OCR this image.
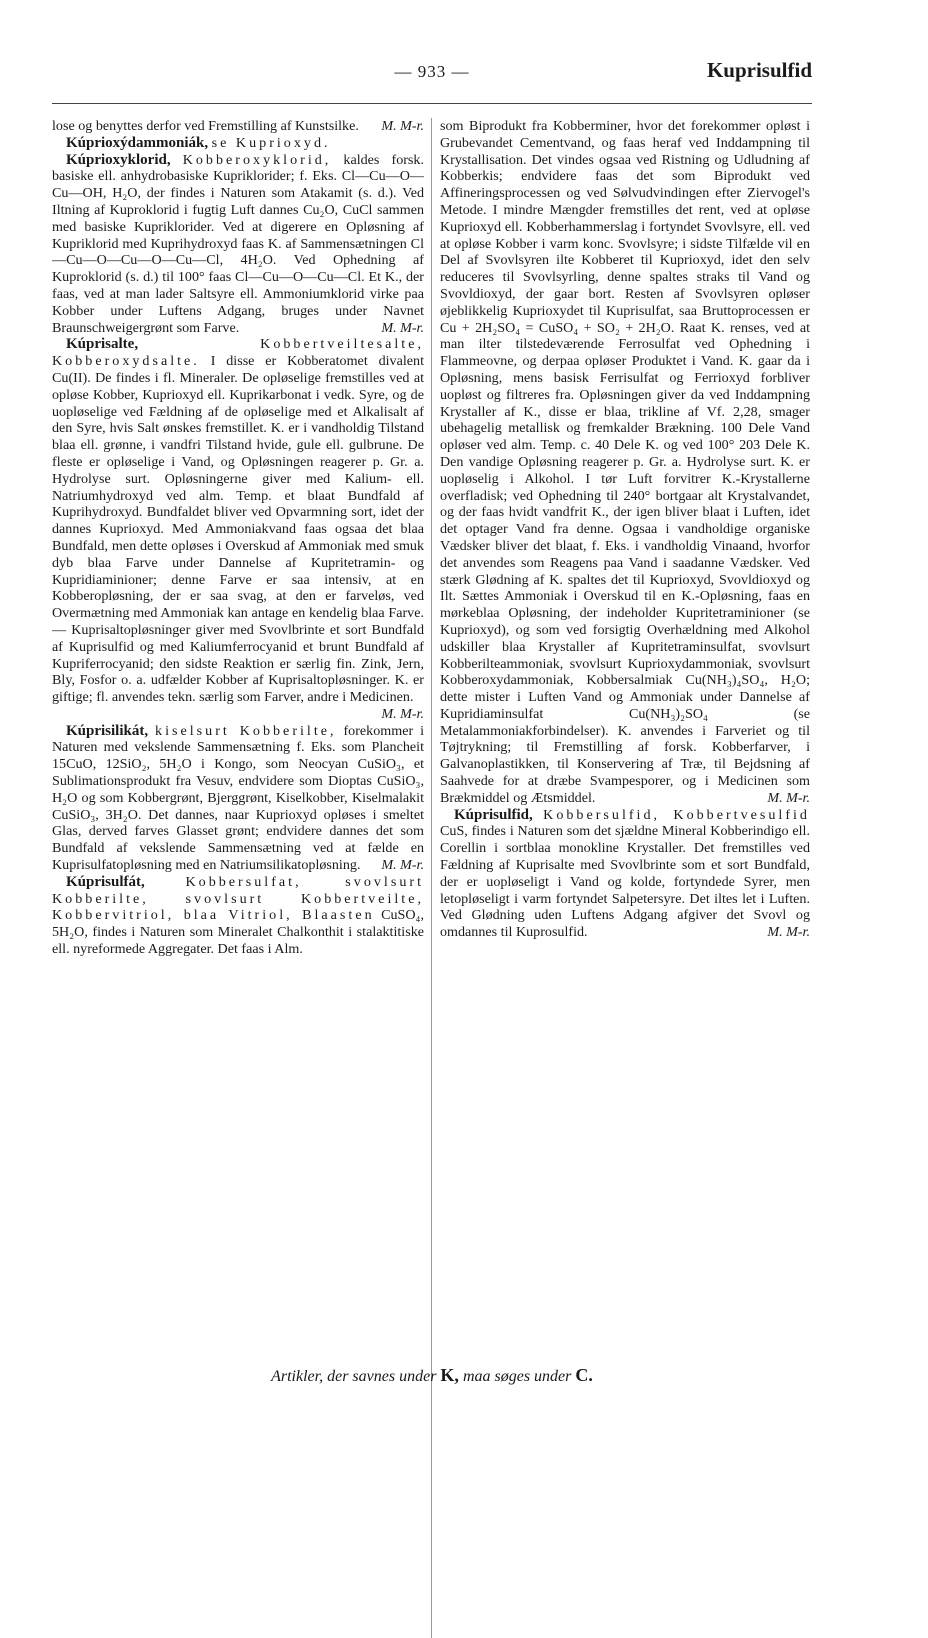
— 933 —	Kuprisulfid

lose og benyttes derfor ved Fremstilling af Kunstsilke.	M. M-r.

Kúprioxýdammoniák, se Kuprioxyd.

Kúprioxyklorid, Kobberoxyklorid, kaldes forsk. basiske ell. anhydrobasiske Kupriklorider; f. Eks. Cl—Cu—O—Cu—OH, H₂O, der findes i Naturen som Atakamit (s. d.). Ved Iltning af Kuproklorid i fugtig Luft dannes Cu₂O, CuCl sammen med basiske Kupriklorider. Ved at digerere en Opløsning af Kupriklorid med Kuprihydroxyd faas K. af Sammensætningen Cl—Cu—O—Cu—O—Cu—Cl, 4H₂O. Ved Ophedning af Kuproklorid (s. d.) til 100° faas Cl—Cu—O—Cu—Cl. Et K., der faas, ved at man lader Saltsyre ell. Ammoniumklorid virke paa Kobber under Luftens Adgang, bruges under Navnet Braunschweigergrønt som Farve.	M. M-r.

Kúprisalte,	Kobbertveiltesalte, Kobberoxydsalte. I disse er Kobberatomet divalent Cu(II). De findes i fl. Mineraler. De opløselige fremstilles ved at opløse Kobber, Kuprioxyd ell. Kuprikarbonat i vedk. Syre, og de uopløselige ved Fældning af de opløselige med et Alkalisalt af den Syre, hvis Salt ønskes fremstillet. K. er i vandholdig Tilstand blaa ell. grønne, i vandfri Tilstand hvide, gule ell. gulbrune. De fleste er opløselige i Vand, og Opløsningen reagerer p. Gr. a. Hydrolyse surt. Opløsningerne giver med Kalium- ell. Natriumhydroxyd ved alm. Temp. et blaat Bundfald af Kuprihydroxyd. Bundfaldet bliver ved Opvarmning sort, idet der dannes Kuprioxyd. Med Ammoniakvand faas ogsaa det blaa Bundfald, men dette opløses i Overskud af Ammoniak med smuk dyb blaa Farve under Dannelse af Kupritetramin- og Kupridiaminioner; denne Farve er saa intensiv, at en Kobberopløsning, der er saa svag, at den er farveløs, ved Overmætning med Ammoniak kan antage en kendelig blaa Farve. — Kuprisaltopløsninger giver med Svovlbrinte et sort Bundfald af Kuprisulfid og med Kaliumferrocyanid et brunt Bundfald af Kupriferrocyanid; den sidste Reaktion er særlig fin. Zink, Jern, Bly, Fosfor o. a. udfælder Kobber af Kuprisaltopløsninger. K. er giftige; fl. anvendes tekn. særlig som Farver, andre i Medicinen.
M. M-r.

Kúprisilikát, kiselsurt Kobberilte, forekommer i Naturen med vekslende Sammensætning f. Eks. som Plancheit 15CuO, 12SiO₂, 5H₂O i Kongo, som Neocyan CuSiO₃, et Sublimationsprodukt fra Vesuv, endvidere som Dioptas CuSiO₃, H₂O og som Kobbergrønt, Bjerggrønt, Kiselkobber, Kiselmalakit CuSiO₃, 3H₂O. Det dannes, naar Kuprioxyd opløses i smeltet Glas, derved farves Glasset grønt; endvidere dannes det som Bundfald af vekslende Sammensætning ved at fælde en Kuprisulfatopløsning med en Natriumsilikatopløsning.	M. M-r.

Kúprisulfát,	Kobbersulfat, svovlsurt Kobberilte, svovlsurt Kobbertveilte, Kobbervitriol, blaa Vitriol, Blaasten CuSO₄, 5H₂O, findes i Naturen som Mineralet Chalkonthit i stalaktitiske ell. nyreformede Aggregater. Det faas i Alm.

som Biprodukt fra Kobberminer, hvor det forekommer opløst i Grubevandet Cementvand, og faas heraf ved Inddampning til Krystallisation. Det vindes ogsaa ved Ristning og Udludning af Kobberkis; endvidere faas det som Biprodukt ved Affineringsprocessen og ved Sølvudvindingen efter Ziervogel's Metode. I mindre Mængder fremstilles det rent, ved at opløse Kuprioxyd ell. Kobberhammerslag i fortyndet Svovlsyre, ell. ved at opløse Kobber i varm konc. Svovlsyre; i sidste Tilfælde vil en Del af Svovlsyren ilte Kobberet til Kuprioxyd, idet den selv reduceres til Svovlsyrling, denne spaltes straks til Vand og Svovldioxyd, der gaar bort. Resten af Svovlsyren opløser øjeblikkelig Kuprioxydet til Kuprisulfat, saa Bruttoprocessen er Cu + 2H₂SO₄ = CuSO₄ + SO₂ + 2H₂O. Raat K. renses, ved at man ilter tilstedeværende Ferrosulfat ved Ophedning i Flammeovne, og derpaa opløser Produktet i Vand. K. gaar da i Opløsning, mens basisk Ferrisulfat og Ferrioxyd forbliver uopløst og filtreres fra. Opløsningen giver da ved Inddampning Krystaller af K., disse er blaa, trikline af Vf. 2,28, smager ubehagelig metallisk og fremkalder Brækning. 100 Dele Vand opløser ved alm. Temp. c. 40 Dele K. og ved 100° 203 Dele K. Den vandige Opløsning reagerer p. Gr. a. Hydrolyse surt. K. er uopløselig i Alkohol. I tør Luft forvitrer K.-Krystallerne overfladisk; ved Ophedning til 240° bortgaar alt Krystalvandet, og der faas hvidt vandfrit K., der igen bliver blaat i Luften, idet det optager Vand fra denne. Ogsaa i vandholdige organiske Vædsker bliver det blaat, f. Eks. i vandholdig Vinaand, hvorfor det anvendes som Reagens paa Vand i saadanne Vædsker. Ved stærk Glødning af K. spaltes det til Kuprioxyd, Svovldioxyd og Ilt. Sættes Ammoniak i Overskud til en K.-Opløsning, faas en mørkeblaa Opløsning, der indeholder Kupritetraminioner (se Kuprioxyd), og som ved forsigtig Overhældning med Alkohol udskiller blaa Krystaller af Kupritetraminsulfat, svovlsurt Kobberilteammoniak, svovlsurt Kuprioxydammoniak, svovlsurt Kobberoxydammoniak, Kobbersalmiak Cu(NH₃)₄SO₄, H₂O; dette mister i Luften Vand og Ammoniak under Dannelse af Kupridiaminsulfat Cu(NH₃)₂SO₄ (se Metalammoniakforbindelser). K. anvendes i Farveriet og til Tøjtrykning; til Fremstilling af forsk. Kobberfarver, i Galvanoplastikken, til Konservering af Træ, til Bejdsning af Saahvede for at dræbe Svampesporer, og i Medicinen som Brækmiddel og Ætsmiddel.	M. M-r.

Kúprisulfid, Kobbersulfid, Kobbertvesulfid CuS, findes i Naturen som det sjældne Mineral Kobberindigo ell. Corellin i sortblaa monokline Krystaller. Det fremstilles ved Fældning af Kuprisalte med Svovlbrinte som et sort Bundfald, der er uopløseligt i Vand og kolde, fortyndede Syrer, men letopløseligt i varm fortyndet Salpetersyre. Det iltes let i Luften. Ved Glødning uden Luftens Adgang afgiver det Svovl og omdannes til Kuprosulfid.	M. M-r.

Artikler, der savnes under K, maa søges under C.
